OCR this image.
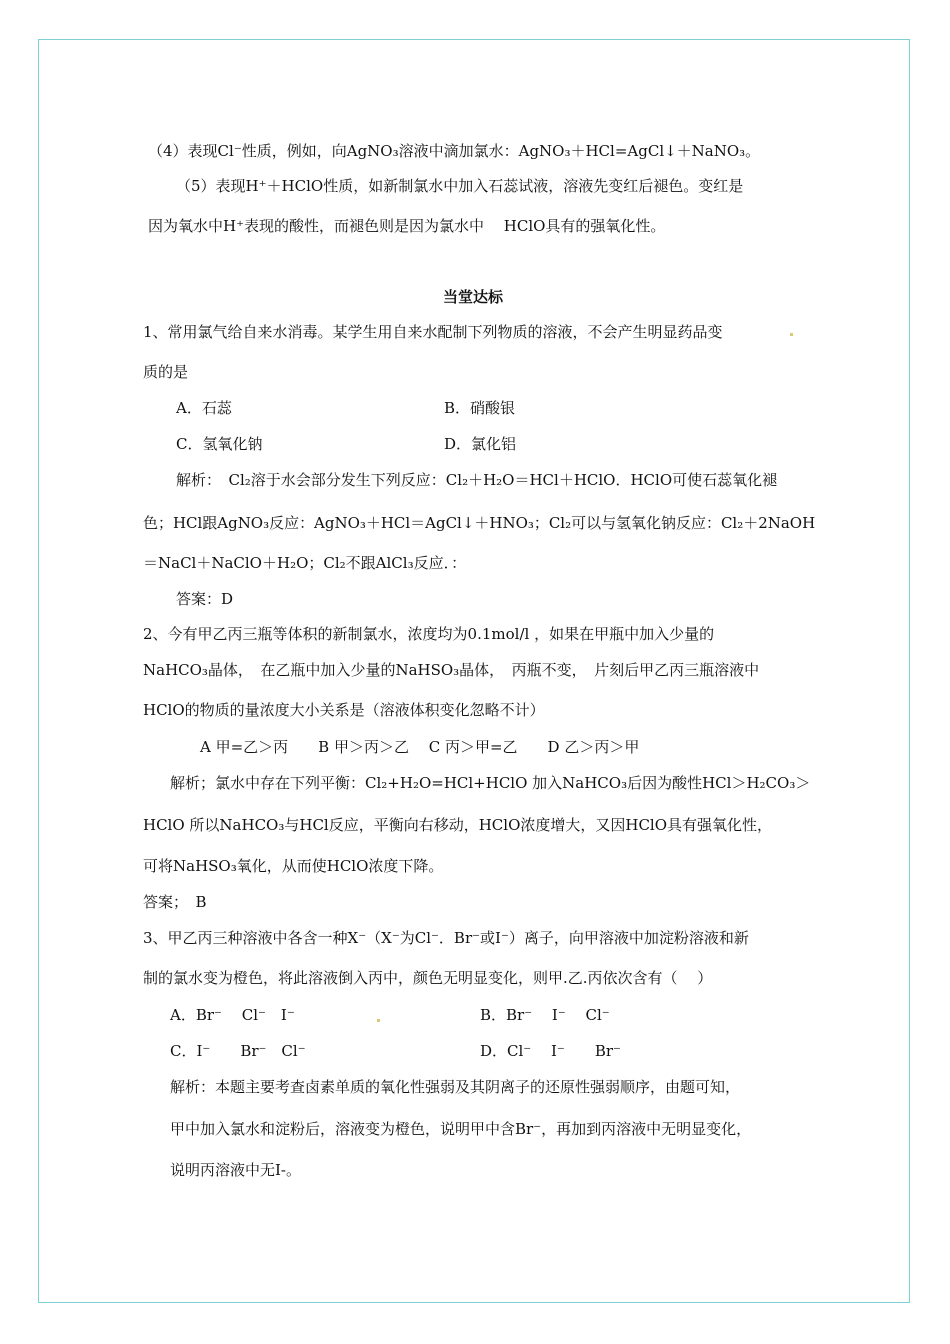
（4）表现Cl⁻性质，例如，向AgNO₃溶液中滴加氯水：AgNO₃＋HCl=AgCl↓＋NaNO₃。
（5）表现H⁺＋HClO性质，如新制氯水中加入石蕊试液，溶液先变红后褪色。变红是
因为氧水中H⁺表现的酸性，而褪色则是因为氯水中　 HClO具有的强氧化性。
当堂达标
1、常用氯气给自来水消毒。某学生用自来水配制下列物质的溶液，不会产生明显药品变
质的是
A．石蕊	B．硝酸银
C．氢氧化钠	D．氯化铝
解析：　Cl₂溶于水会部分发生下列反应：Cl₂＋H₂O＝HCl＋HClO．HClO可使石蕊氧化褪
色；HCl跟AgNO₃反应：AgNO₃＋HCl＝AgCl↓＋HNO₃；Cl₂可以与氢氧化钠反应：Cl₂＋2NaOH
＝NaCl＋NaClO＋H₂O；Cl₂不跟AlCl₃反应．：
答案：D
2、今有甲乙丙三瓶等体积的新制氯水，浓度均为0.1mol/l ，如果在甲瓶中加入少量的
NaHCO₃晶体，　在乙瓶中加入少量的NaHSO₃晶体，　丙瓶不变，　片刻后甲乙丙三瓶溶液中
HClO的物质的量浓度大小关系是（溶液体积变化忽略不计）
A 甲=乙＞丙　　B 甲＞丙＞乙　 C 丙＞甲=乙　　D 乙＞丙＞甲
解析；氯水中存在下列平衡：Cl₂+H₂O=HCl+HClO 加入NaHCO₃后因为酸性HCl＞H₂CO₃＞
HClO 所以NaHCO₃与HCl反应，平衡向右移动，HClO浓度增大，又因HClO具有强氧化性，
可将NaHSO₃氧化，从而使HClO浓度下降。
答案；　B
3、甲乙丙三种溶液中各含一种X⁻（X⁻为Cl⁻．Br⁻或I⁻）离子，向甲溶液中加淀粉溶液和新
制的氯水变为橙色，将此溶液倒入丙中，颜色无明显变化，则甲.乙.丙依次含有（　 ）
A．Br⁻　 Cl⁻　I⁻	B．Br⁻　 I⁻　 Cl⁻
C．I⁻　　Br⁻　Cl⁻	D．Cl⁻　 I⁻　　Br⁻
解析：本题主要考查卤素单质的氧化性强弱及其阴离子的还原性强弱顺序，由题可知，
甲中加入氯水和淀粉后，溶液变为橙色，说明甲中含Br⁻，再加到丙溶液中无明显变化，
说明丙溶液中无I-。
